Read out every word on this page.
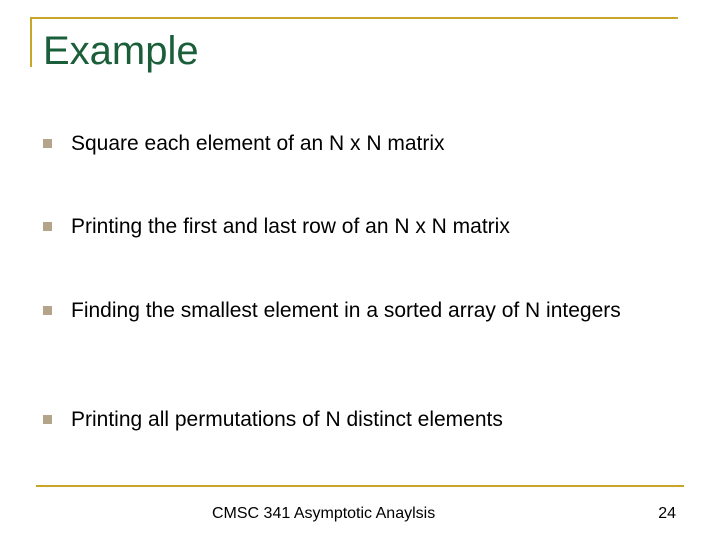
Example
Square each element of an N x N matrix
Printing the first and last row of an N x N matrix
Finding the smallest element in a sorted array of N integers
Printing all permutations of N distinct elements
CMSC 341 Asymptotic Anaylsis	24
